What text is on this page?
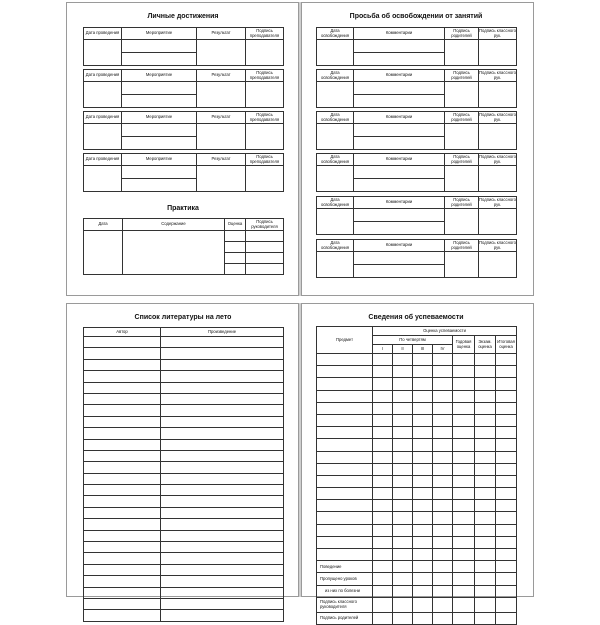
Личные достижения
Дата проведения	Мероприятие	Результат	Подпись преподавателя

Дата проведения	Мероприятие	Результат	Подпись преподавателя

Дата проведения	Мероприятие	Результат	Подпись преподавателя

Дата проведения	Мероприятие	Результат	Подпись преподавателя

Практика
Дата	Содержание	Оценка	Подпись руководителя

Просьба об освобождении от занятий
Дата освобождения	Комментарии	Подпись родителей	Подпись классного рук.

Дата освобождения	Комментарии	Подпись родителей	Подпись классного рук.

Дата освобождения	Комментарии	Подпись родителей	Подпись классного рук.

Дата освобождения	Комментарии	Подпись родителей	Подпись классного рук.

Дата освобождения	Комментарии	Подпись родителей	Подпись классного рук.

Дата освобождения	Комментарии	Подпись родителей	Подпись классного рук.

Список литературы на лето
Автор	Произведение

Сведения об успеваемости
Предмет	Оценка успеваемости						
	По четвертям				Годовая оценка	Экзам. оценка	Итоговая оценка
	I	II	III	IV			

Поведение							
Пропущено уроков							
из них по болезни							
Подпись классного руководителя							
Подпись родителей							
